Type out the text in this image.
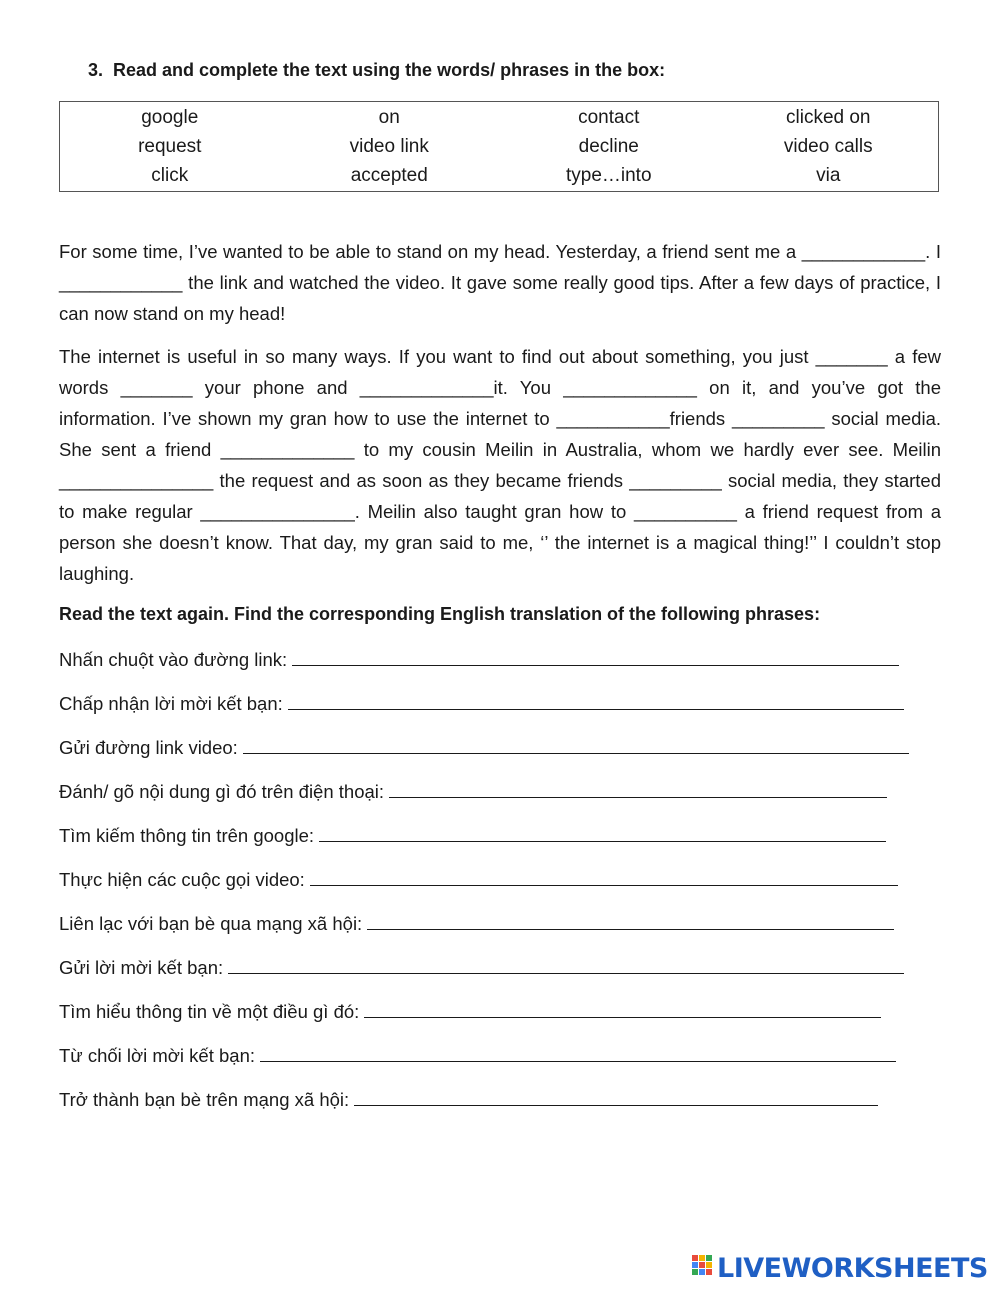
3. Read and complete the text using the words/ phrases in the box:
google	on	contact	clicked on
request	video link	decline	video calls
click	accepted	type…into	via

For some time, I’ve wanted to be able to stand on my head. Yesterday, a friend sent me a ____________. I ____________ the link and watched the video. It gave some really good tips. After a few days of practice, I can now stand on my head!

The internet is useful in so many ways. If you want to find out about something, you just _______ a few words _______ your phone and _____________it. You _____________ on it, and you’ve got the information. I’ve shown my gran how to use the internet to ___________friends _________ social media. She sent a friend _____________ to my cousin Meilin in Australia, whom we hardly ever see. Meilin _______________ the request and as soon as they became friends _________ social media, they started to make regular _______________. Meilin also taught gran how to __________ a friend request from a person she doesn’t know. That day, my gran said to me, ‘’ the internet is a magical thing!’’ I couldn’t stop laughing.

Read the text again. Find the corresponding English translation of the following phrases:
Nhấn chuột vào đường link:
Chấp nhận lời mời kết bạn:
Gửi đường link video:
Đánh/ gõ nội dung gì đó trên điện thoại:
Tìm kiếm thông tin trên google:
Thực hiện các cuộc gọi video:
Liên lạc với bạn bè qua mạng xã hội:
Gửi lời mời kết bạn:
Tìm hiểu thông tin về một điều gì đó:
Từ chối lời mời kết bạn:
Trở thành bạn bè trên mạng xã hội:
LIVEWORKSHEETS
